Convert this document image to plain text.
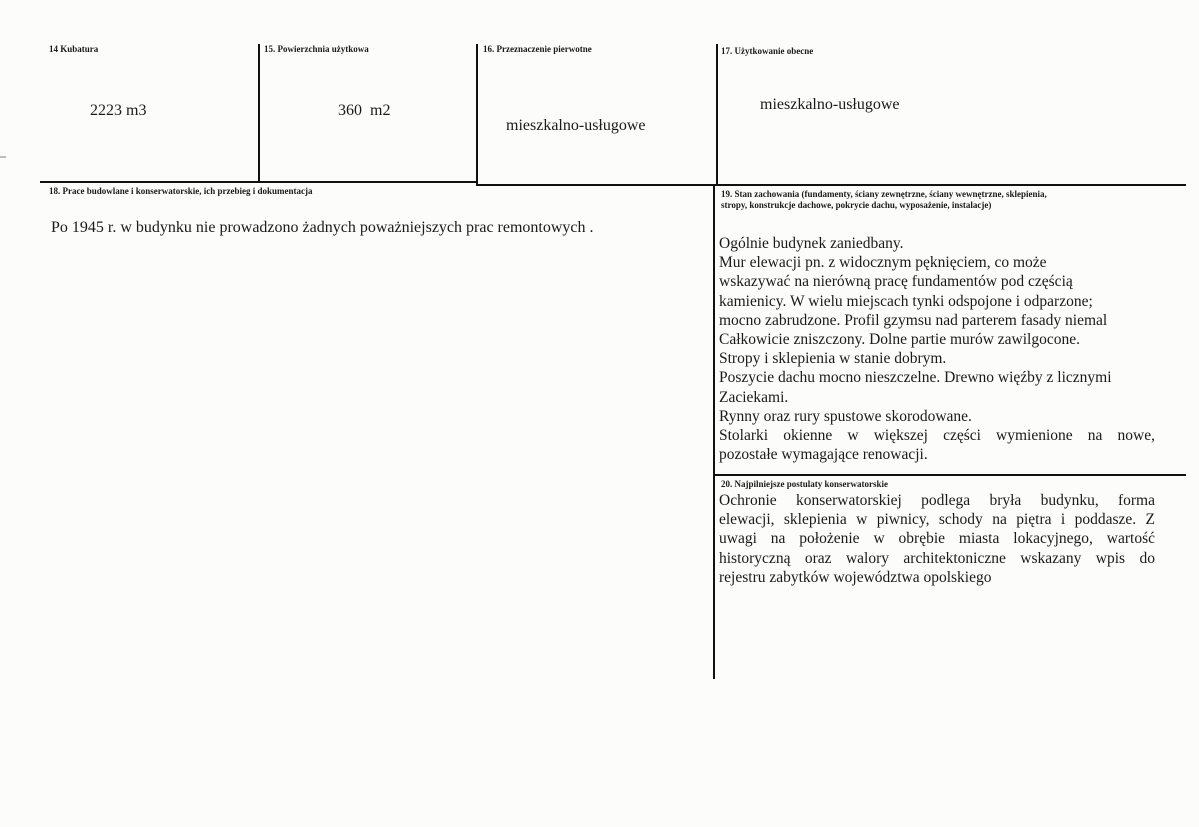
14 Kubatura
2223 m3
15. Powierzchnia użytkowa
360  m2
16. Przeznaczenie pierwotne
mieszkalno-usługowe
17. Użytkowanie obecne
mieszkalno-usługowe
18. Prace budowlane i konserwatorskie, ich przebieg i dokumentacja
Po 1945 r. w budynku nie prowadzono żadnych poważniejszych prac remontowych .
19. Stan zachowania (fundamenty, ściany zewnętrzne, ściany wewnętrzne, sklepienia,
stropy, konstrukcje dachowe, pokrycie dachu, wyposażenie, instalacje)
Ogólnie budynek zaniedbany.
Mur elewacji pn. z widocznym pęknięciem, co może
wskazywać na nierówną pracę fundamentów pod częścią
kamienicy. W wielu miejscach tynki odspojone i odparzone;
mocno zabrudzone. Profil gzymsu nad parterem fasady niemal
Całkowicie zniszczony. Dolne partie murów zawilgocone.
Stropy i sklepienia w stanie dobrym.
Poszycie dachu mocno nieszczelne. Drewno więźby z licznymi
Zaciekami.
Rynny oraz rury spustowe skorodowane.
Stolarki okienne w większej części wymienione na nowe,
pozostałe wymagające renowacji.
20. Najpilniejsze postulaty konserwatorskie
Ochronie konserwatorskiej podlega bryła budynku, forma
elewacji, sklepienia w piwnicy, schody na piętra i poddasze. Z
uwagi na położenie w obrębie miasta lokacyjnego, wartość
historyczną oraz walory architektoniczne wskazany wpis do
rejestru zabytków województwa opolskiego
